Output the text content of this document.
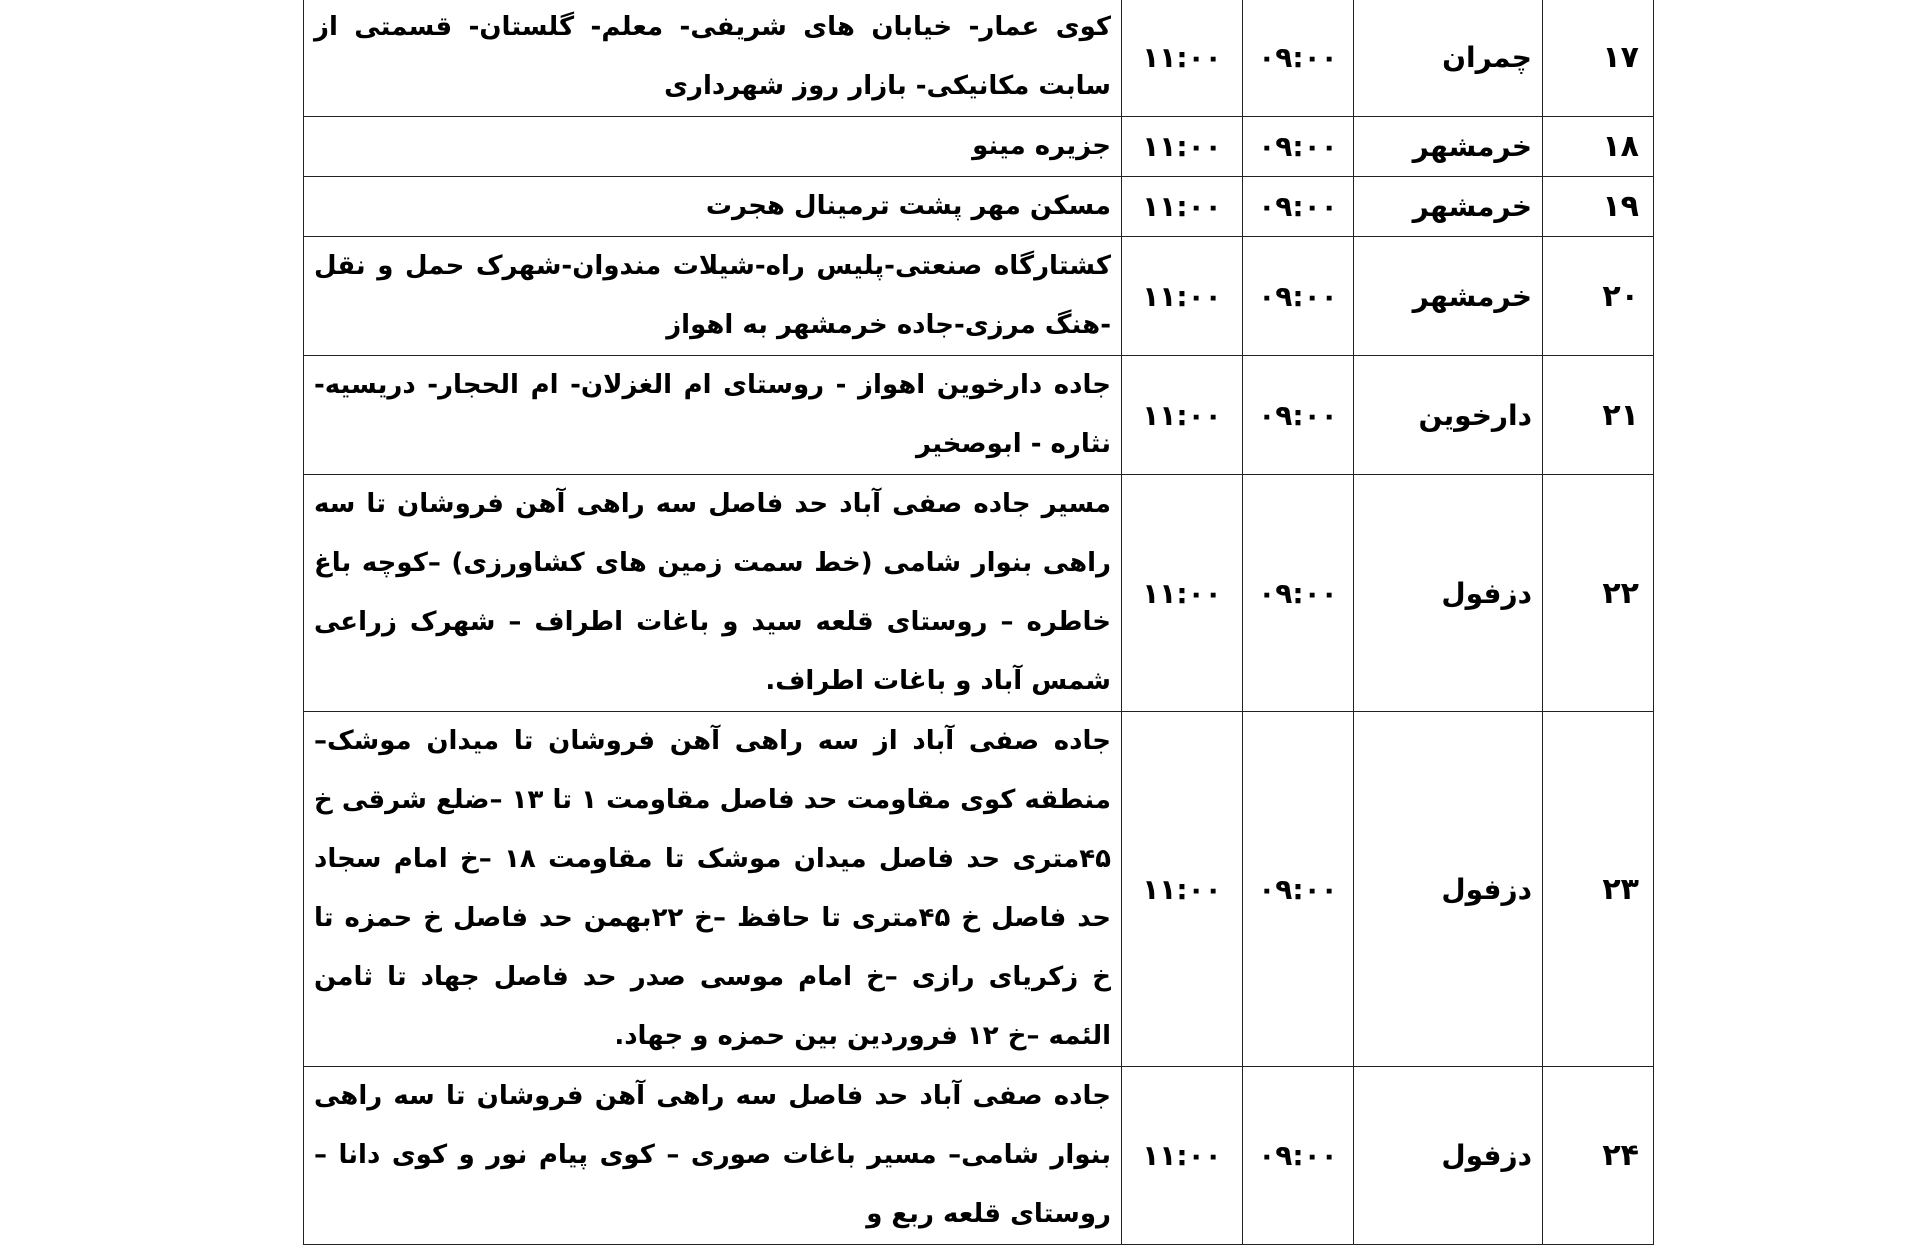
۱۷	چمران	۰۹:۰۰	۱۱:۰۰	کوی عمار- خیابان های شریفی- معلم- گلستان- قسمتی از سابت مکانیکی- بازار روز شهرداری
۱۸	خرمشهر	۰۹:۰۰	۱۱:۰۰	جزیره مینو
۱۹	خرمشهر	۰۹:۰۰	۱۱:۰۰	مسکن مهر پشت ترمینال هجرت
۲۰	خرمشهر	۰۹:۰۰	۱۱:۰۰	کشتارگاه صنعتی-پلیس راه-شیلات مندوان-شهرک حمل و نقل -هنگ مرزی-جاده خرمشهر به اهواز
۲۱	دارخوین	۰۹:۰۰	۱۱:۰۰	جاده دارخوین اهواز - روستای ام الغزلان- ام الحجار- دریسیه- نثاره - ابوصخیر
۲۲	دزفول	۰۹:۰۰	۱۱:۰۰	مسیر جاده صفی آباد حد فاصل سه راهی آهن فروشان تا سه راهی بنوار شامی (خط سمت زمین های کشاورزی) –کوچه باغ خاطره – روستای قلعه سید و باغات اطراف – شهرک زراعی شمس آباد و باغات اطراف.
۲۳	دزفول	۰۹:۰۰	۱۱:۰۰	جاده صفی آباد از سه راهی آهن فروشان تا میدان موشک– منطقه کوی مقاومت حد فاصل مقاومت ۱ تا ۱۳ –ضلع شرقی خ ۴۵متری حد فاصل میدان موشک تا مقاومت ۱۸ –خ امام سجاد حد فاصل خ ۴۵متری تا حافظ –خ ۲۲بهمن حد فاصل خ حمزه تا خ زکریای رازی –خ امام موسی صدر حد فاصل جهاد تا ثامن الئمه –خ ۱۲ فروردین بین حمزه و جهاد.
۲۴	دزفول	۰۹:۰۰	۱۱:۰۰	جاده صفی آباد حد فاصل سه راهی آهن فروشان تا سه راهی بنوار شامی– مسیر باغات صوری – کوی پیام نور و کوی دانا – روستای قلعه ربع و
